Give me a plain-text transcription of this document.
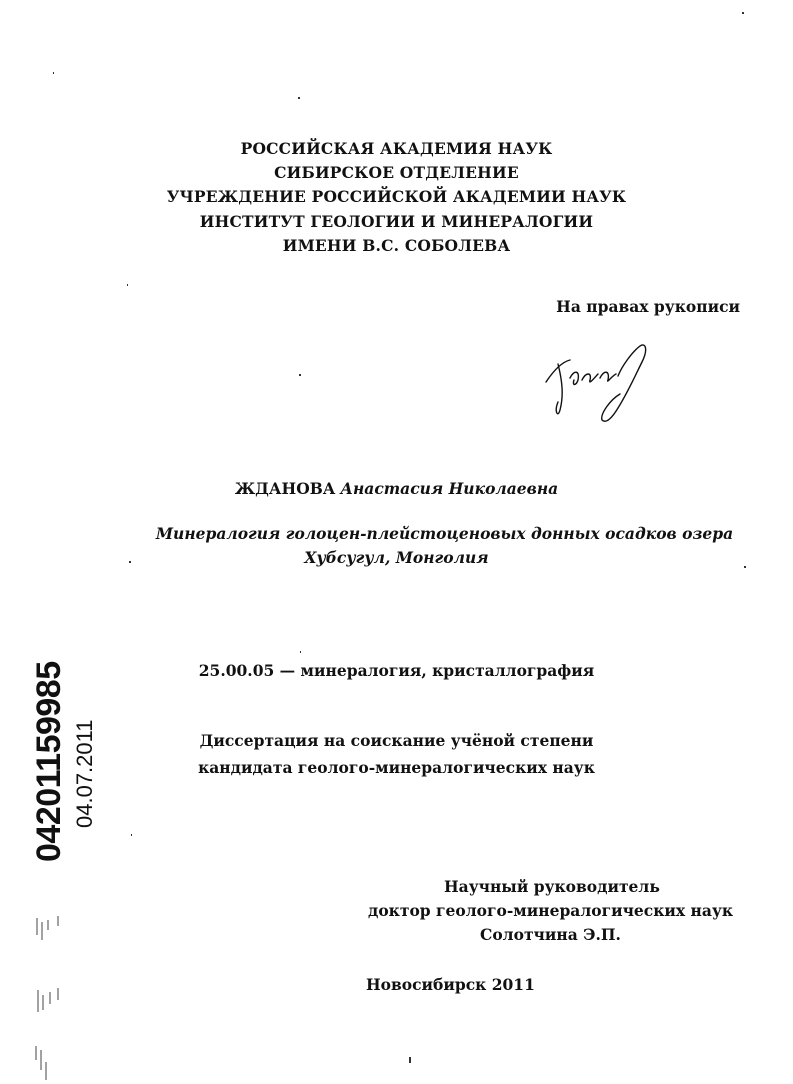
РОССИЙСКАЯ АКАДЕМИЯ НАУК
СИБИРСКОЕ ОТДЕЛЕНИЕ
УЧРЕЖДЕНИЕ РОССИЙСКОЙ АКАДЕМИИ НАУК
ИНСТИТУТ ГЕОЛОГИИ И МИНЕРАЛОГИИ
ИМЕНИ В.С. СОБОЛЕВА
На правах рукописи
ЖДАНОВА Анастасия Николаевна
Минералогия голоцен-плейстоценовых донных осадков озера
Хубсугул, Монголия
25.00.05 — минералогия, кристаллография
Диссертация на соискание учёной степени
кандидата геолого-минералогических наук
Научный руководитель
доктор геолого-минералогических наук
Солотчина Э.П.
Новосибирск 2011
04201159985 04.07.2011
